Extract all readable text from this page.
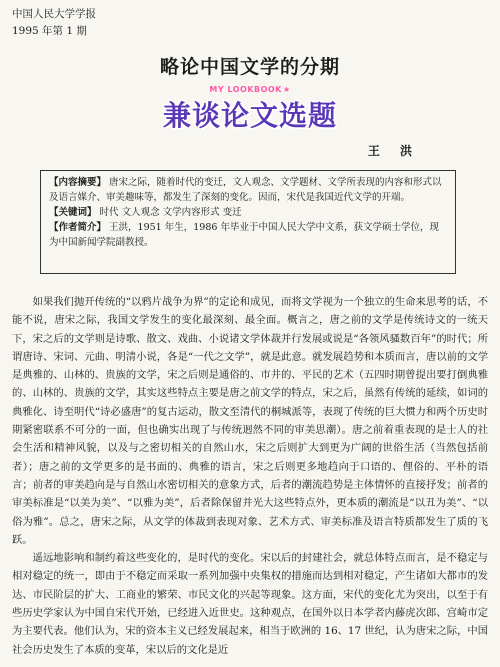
中国人民大学学报
1995 年第 1 期
略论中国文学的分期
MY LOOKBOOK★
兼谈论文选题
王 洪

【内容摘要】 唐宋之际，随着时代的变迁，文人观念、文学题材、文学所表现的内容和形式以及语言媒介、审美趣味等，都发生了深刻的变化。因而，宋代是我国近代文学的开端。

【关键词】 时代 文人观念 文学内容形式 变迁

【作者简介】 王洪，1951 年生，1986 年毕业于中国人民大学中文系，获文学硕士学位，现为中国新闻学院副教授。

如果我们抛开传统的“以鸦片战争为界”的定论和成见，而将文学视为一个独立的生命来思考的话，不能不说，唐宋之际，我国文学发生的变化最深刻、最全面。概言之，唐之前的文学是传统诗文的一统天下，宋之后的文学则是诗歌、散文、戏曲、小说诸文学体裁并行发展或说是“各领风骚数百年”的时代；所谓唐诗、宋词、元曲、明清小说，各是“一代之文学”，就是此意。就发展趋势和本质而言，唐以前的文学是典雅的、山林的、贵族的文学，宋之后则是通俗的、市井的、平民的艺术（五四时期曾提出要打倒典雅的、山林的、贵族的文学，其实这些特点主要是唐之前文学的特点，宋之后，虽然有传统的延续，如词的典雅化、诗至明代“诗必盛唐”的复古运动，散文至清代的桐城派等，表现了传统的巨大惯力和两个历史时期紧密联系不可分的一面，但也确实出现了与传统迥然不同的审美思潮）。唐之前着重表现的是士人的社会生活和精神风貌，以及与之密切相关的自然山水，宋之后则扩大到更为广阔的世俗生活（当然包括前者）；唐之前的文学更多的是书面的、典雅的语言，宋之后则更多地趋向于口语的、俚俗的、平朴的语言；前者的审美趋向是与自然山水密切相关的意象方式，后者的潮流趋势是主体情怀的直接抒发；前者的审美标准是“以美为美”、“以雅为美”，后者除保留并光大这些特点外，更本质的潮流是“以丑为美”、“以俗为雅”。总之，唐宋之际，从文学的体裁到表现对象、艺术方式、审美标准及语言特质都发生了质的飞跃。

遥远地影响和制约着这些变化的，是时代的变化。宋以后的封建社会，就总体特点而言，是不稳定与相对稳定的统一，即由于不稳定而采取一系列加强中央集权的措施而达到相对稳定，产生诸如大都市的发达、市民阶层的扩大、工商业的繁荣、市民文化的兴起等现象。这方面，宋代的变化尤为突出，以至于有些历史学家认为中国自宋代开始，已经进入近世史。这种观点，在国外以日本学者内藤虎次郎、宫崎市定为主要代表。他们认为，宋的资本主义已经发展起来，相当于欧洲的 16、17 世纪，认为唐宋之际，中国社会历史发生了本质的变革，宋以后的文化是近
